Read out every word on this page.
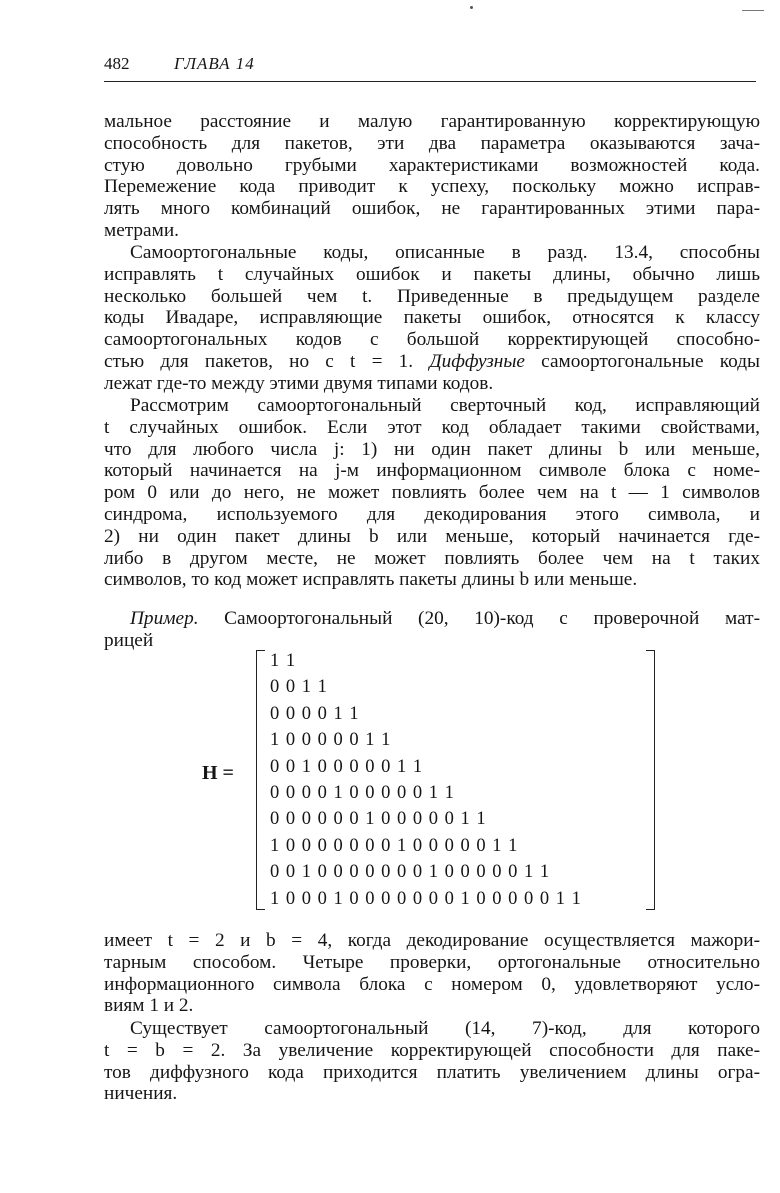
482	ГЛАВА 14
мальное расстояние и малую гарантированную корректирующую
способность для пакетов, эти два параметра оказываются зача-
стую довольно грубыми характеристиками возможностей кода.
Перемежение кода приводит к успеху, поскольку можно исправ-
лять много комбинаций ошибок, не гарантированных этими пара-
метрами.
Самоортогональные коды, описанные в разд. 13.4, способны
исправлять t случайных ошибок и пакеты длины, обычно лишь
несколько большей чем t. Приведенные в предыдущем разделе
коды Ивадаре, исправляющие пакеты ошибок, относятся к классу
самоортогональных кодов с большой корректирующей способно-
стью для пакетов, но с t = 1. Диффузные самоортогональные коды
лежат где-то между этими двумя типами кодов.
Рассмотрим самоортогональный сверточный код, исправляющий
t случайных ошибок. Если этот код обладает такими свойствами,
что для любого числа j: 1) ни один пакет длины b или меньше,
который начинается на j-м информационном символе блока с номе-
ром 0 или до него, не может повлиять более чем на t — 1 символов
синдрома, используемого для декодирования этого символа, и
2) ни один пакет длины b или меньше, который начинается где-
либо в другом месте, не может повлиять более чем на t таких
символов, то код может исправлять пакеты длины b или меньше.
Пример. Самоортогональный (20, 10)-код с проверочной мат-
рицей
H =
1 1
0 0 1 1
0 0 0 0 1 1
1 0 0 0 0 0 1 1
0 0 1 0 0 0 0 0 1 1
0 0 0 0 1 0 0 0 0 0 1 1
0 0 0 0 0 0 1 0 0 0 0 0 1 1
1 0 0 0 0 0 0 0 1 0 0 0 0 0 1 1
0 0 1 0 0 0 0 0 0 0 1 0 0 0 0 0 1 1
1 0 0 0 1 0 0 0 0 0 0 0 1 0 0 0 0 0 1 1
имеет t = 2 и b = 4, когда декодирование осуществляется мажори-
тарным способом. Четыре проверки, ортогональные относительно
информационного символа блока с номером 0, удовлетворяют усло-
виям 1 и 2.
Существует самоортогональный (14, 7)-код, для которого
t = b = 2. За увеличение корректирующей способности для паке-
тов диффузного кода приходится платить увеличением длины огра-
ничения.
